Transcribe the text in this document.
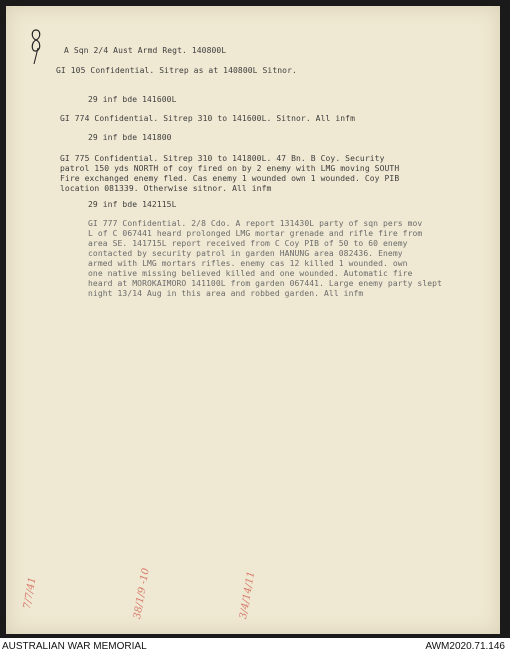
A Sqn 2/4 Aust Armd Regt. 140800L
GI 105 Confidential. Sitrep as at 140800L Sitnor.
29 inf bde 141600L
GI 774 Confidential. Sitrep 310 to 141600L. Sitnor. All infm
29 inf bde 141800
GI 775 Confidential. Sitrep 310 to 141800L. 47 Bn. B Coy. Security
patrol 150 yds NORTH of coy fired on by 2 enemy with LMG moving SOUTH
Fire exchanged enemy fled. Cas enemy 1 wounded own 1 wounded. Coy PIB
location 081339. Otherwise sitnor. All infm
29 inf bde 142115L
GI 777 Confidential. 2/8 Cdo. A report 131430L party of sqn pers mov
L of C 067441 heard prolonged LMG mortar grenade and rifle fire from
area SE. 141715L report received from C Coy PIB of 50 to 60 enemy
contacted by security patrol in garden HANUNG area 082436. Enemy
armed with LMG mortars rifles. enemy cas 12 killed 1 wounded. own
one native missing believed killed and one wounded. Automatic fire
heard at MOROKAIMORO 141100L from garden 067441. Large enemy party slept
night 13/14 Aug in this area and robbed garden. All infm
7/7/41	38/1/9 -10	3/4/14/11
AUSTRALIAN WAR MEMORIAL	AWM2020.71.146
